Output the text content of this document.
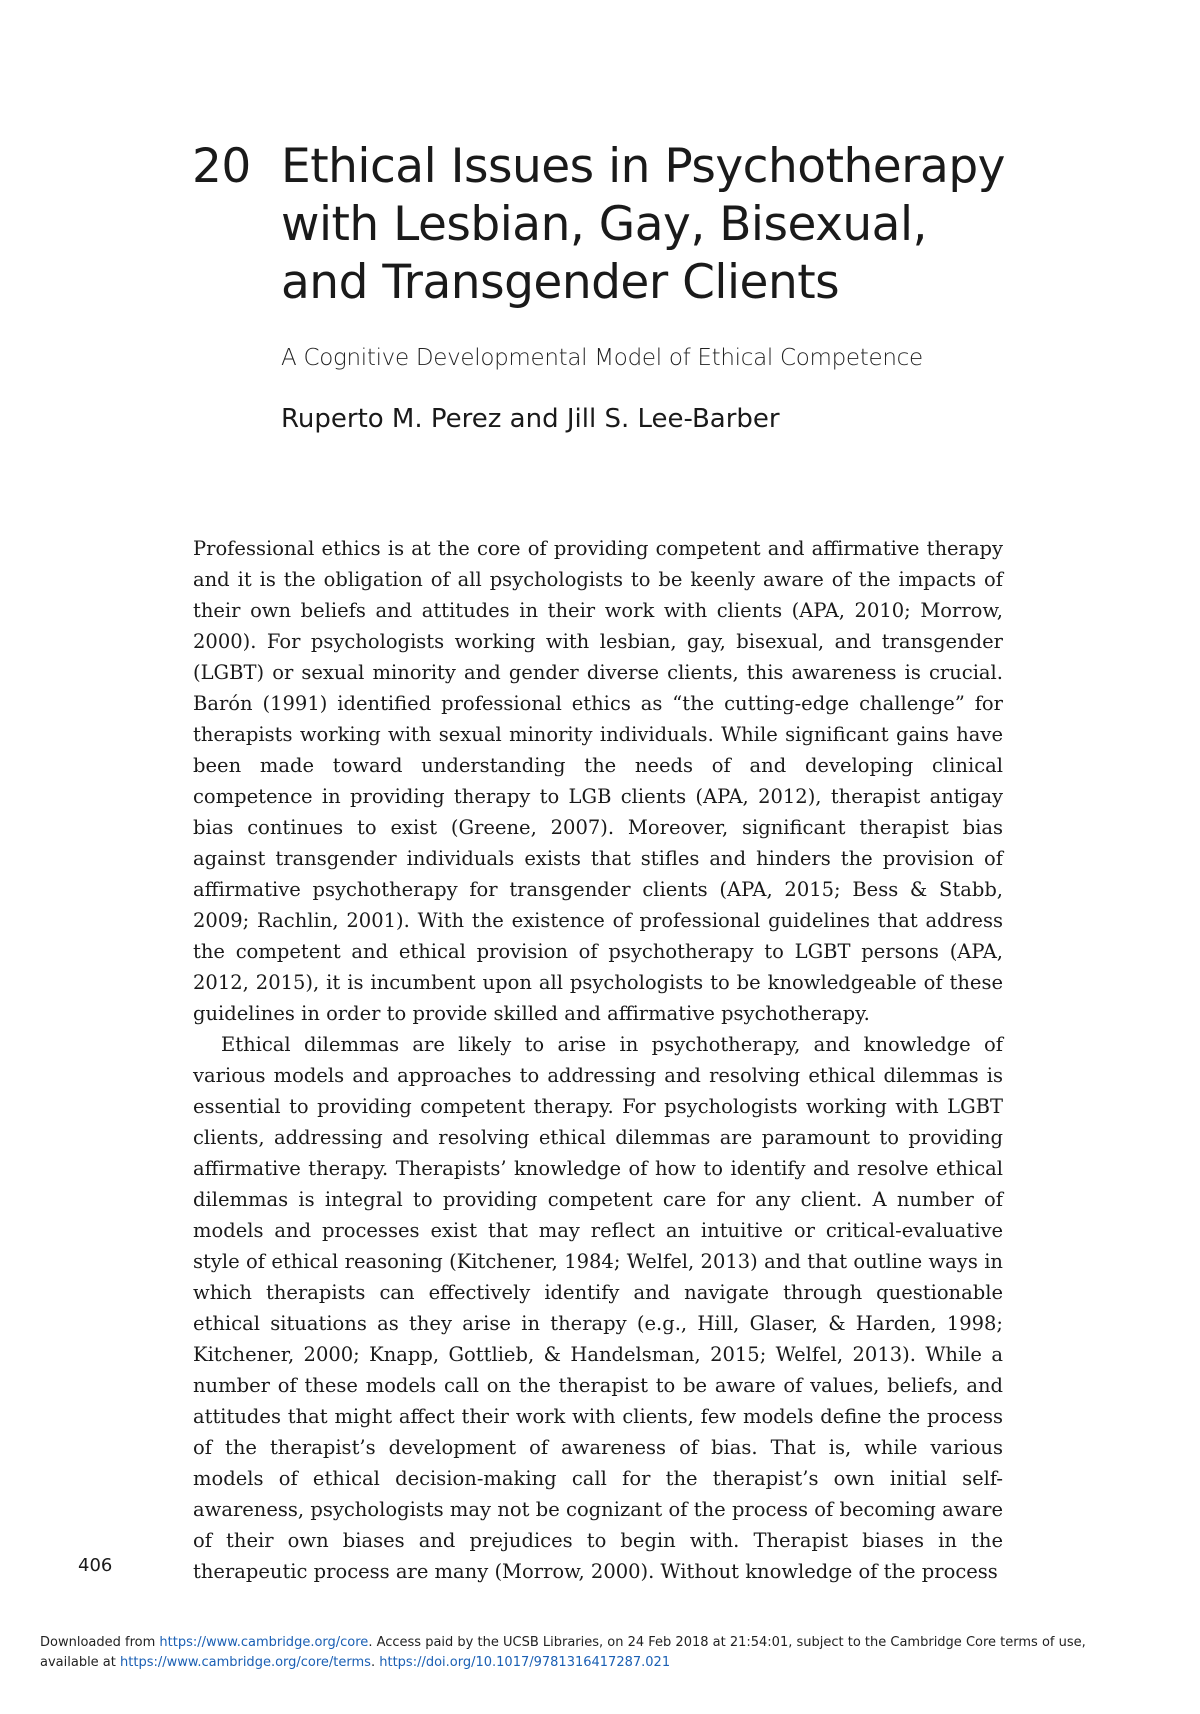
20 Ethical Issues in Psychotherapy
with Lesbian, Gay, Bisexual,
and Transgender Clients
A Cognitive Developmental Model of Ethical Competence
Ruperto M. Perez and Jill S. Lee-Barber

Professional ethics is at the core of providing competent and affirmative therapy and it is the obligation of all psychologists to be keenly aware of the impacts of their own beliefs and attitudes in their work with clients (APA, 2010; Morrow, 2000). For psychologists working with lesbian, gay, bisexual, and transgender (LGBT) or sexual minority and gender diverse clients, this awareness is crucial. Barón (1991) identified professional ethics as “the cutting-edge challenge” for therapists working with sexual minority individuals. While significant gains have been made toward understanding the needs of and developing clinical competence in providing therapy to LGB clients (APA, 2012), therapist antigay bias continues to exist (Greene, 2007). Moreover, significant therapist bias against transgender individuals exists that stifles and hinders the provision of affirmative psychotherapy for transgender clients (APA, 2015; Bess & Stabb, 2009; Rachlin, 2001). With the existence of professional guidelines that address the competent and ethical provision of psychotherapy to LGBT persons (APA, 2012, 2015), it is incumbent upon all psychologists to be knowledgeable of these guidelines in order to provide skilled and affirmative psychotherapy.

Ethical dilemmas are likely to arise in psychotherapy, and knowledge of various models and approaches to addressing and resolving ethical dilemmas is essential to providing competent therapy. For psychologists working with LGBT clients, addressing and resolving ethical dilemmas are paramount to providing affirmative therapy. Therapists’ knowledge of how to identify and resolve ethical dilemmas is integral to providing competent care for any client. A number of models and processes exist that may reflect an intuitive or critical-evaluative style of ethical reasoning (Kitchener, 1984; Welfel, 2013) and that outline ways in which therapists can effectively identify and navigate through questionable ethical situations as they arise in therapy (e.g., Hill, Glaser, & Harden, 1998; Kitchener, 2000; Knapp, Gottlieb, & Handelsman, 2015; Welfel, 2013). While a number of these models call on the therapist to be aware of values, beliefs, and attitudes that might affect their work with clients, few models define the process of the therapist’s development of awareness of bias. That is, while various models of ethical decision-making call for the therapist’s own initial self-awareness, psychologists may not be cognizant of the process of becoming aware of their own biases and prejudices to begin with. Therapist biases in the therapeutic process are many (Morrow, 2000). Without knowledge of the process

406
Downloaded from https://www.cambridge.org/core. Access paid by the UCSB Libraries, on 24 Feb 2018 at 21:54:01, subject to the Cambridge Core terms of use,
available at https://www.cambridge.org/core/terms. https://doi.org/10.1017/9781316417287.021
